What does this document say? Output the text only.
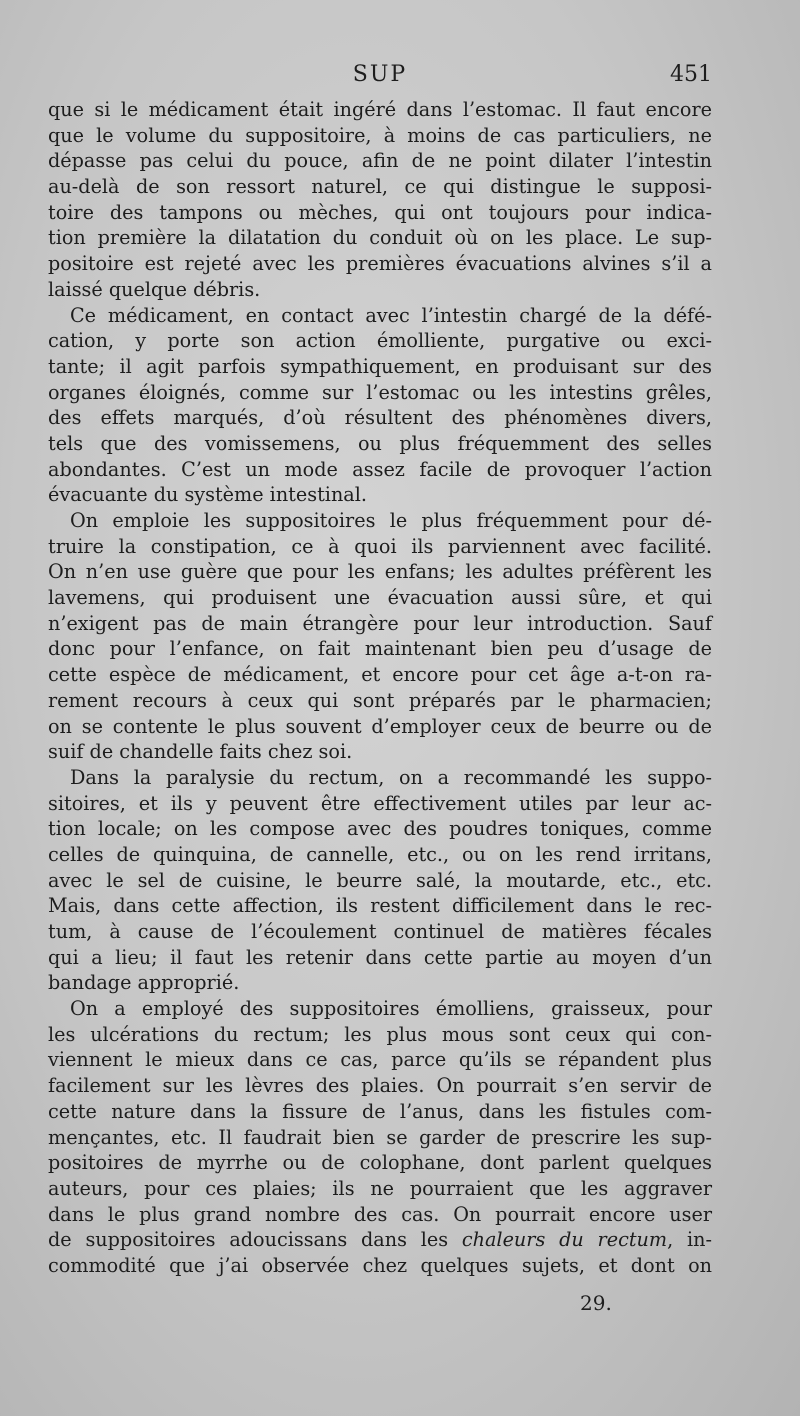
SUP	451
que si le médicament était ingéré dans l’estomac. Il faut encore
que le volume du suppositoire, à moins de cas particuliers, ne
dépasse pas celui du pouce, afin de ne point dilater l’intestin
au-delà de son ressort naturel, ce qui distingue le supposi-
toire des tampons ou mèches, qui ont toujours pour indica-
tion première la dilatation du conduit où on les place. Le sup-
positoire est rejeté avec les premières évacuations alvines s’il a
laissé quelque débris.
Ce médicament, en contact avec l’intestin chargé de la défé-
cation, y porte son action émolliente, purgative ou exci-
tante; il agit parfois sympathiquement, en produisant sur des
organes éloignés, comme sur l’estomac ou les intestins grêles,
des effets marqués, d’où résultent des phénomènes divers,
tels que des vomissemens, ou plus fréquemment des selles
abondantes. C’est un mode assez facile de provoquer l’action
évacuante du système intestinal.
On emploie les suppositoires le plus fréquemment pour dé-
truire la constipation, ce à quoi ils parviennent avec facilité.
On n’en use guère que pour les enfans; les adultes préfèrent les
lavemens, qui produisent une évacuation aussi sûre, et qui
n’exigent pas de main étrangère pour leur introduction. Sauf
donc pour l’enfance, on fait maintenant bien peu d’usage de
cette espèce de médicament, et encore pour cet âge a-t-on ra-
rement recours à ceux qui sont préparés par le pharmacien;
on se contente le plus souvent d’employer ceux de beurre ou de
suif de chandelle faits chez soi.
Dans la paralysie du rectum, on a recommandé les suppo-
sitoires, et ils y peuvent être effectivement utiles par leur ac-
tion locale; on les compose avec des poudres toniques, comme
celles de quinquina, de cannelle, etc., ou on les rend irritans,
avec le sel de cuisine, le beurre salé, la moutarde, etc., etc.
Mais, dans cette affection, ils restent difficilement dans le rec-
tum, à cause de l’écoulement continuel de matières fécales
qui a lieu; il faut les retenir dans cette partie au moyen d’un
bandage approprié.
On a employé des suppositoires émolliens, graisseux, pour
les ulcérations du rectum; les plus mous sont ceux qui con-
viennent le mieux dans ce cas, parce qu’ils se répandent plus
facilement sur les lèvres des plaies. On pourrait s’en servir de
cette nature dans la fissure de l’anus, dans les fistules com-
mençantes, etc. Il faudrait bien se garder de prescrire les sup-
positoires de myrrhe ou de colophane, dont parlent quelques
auteurs, pour ces plaies; ils ne pourraient que les aggraver
dans le plus grand nombre des cas. On pourrait encore user
de suppositoires adoucissans dans les chaleurs du rectum, in-
commodité que j’ai observée chez quelques sujets, et dont on
29.
